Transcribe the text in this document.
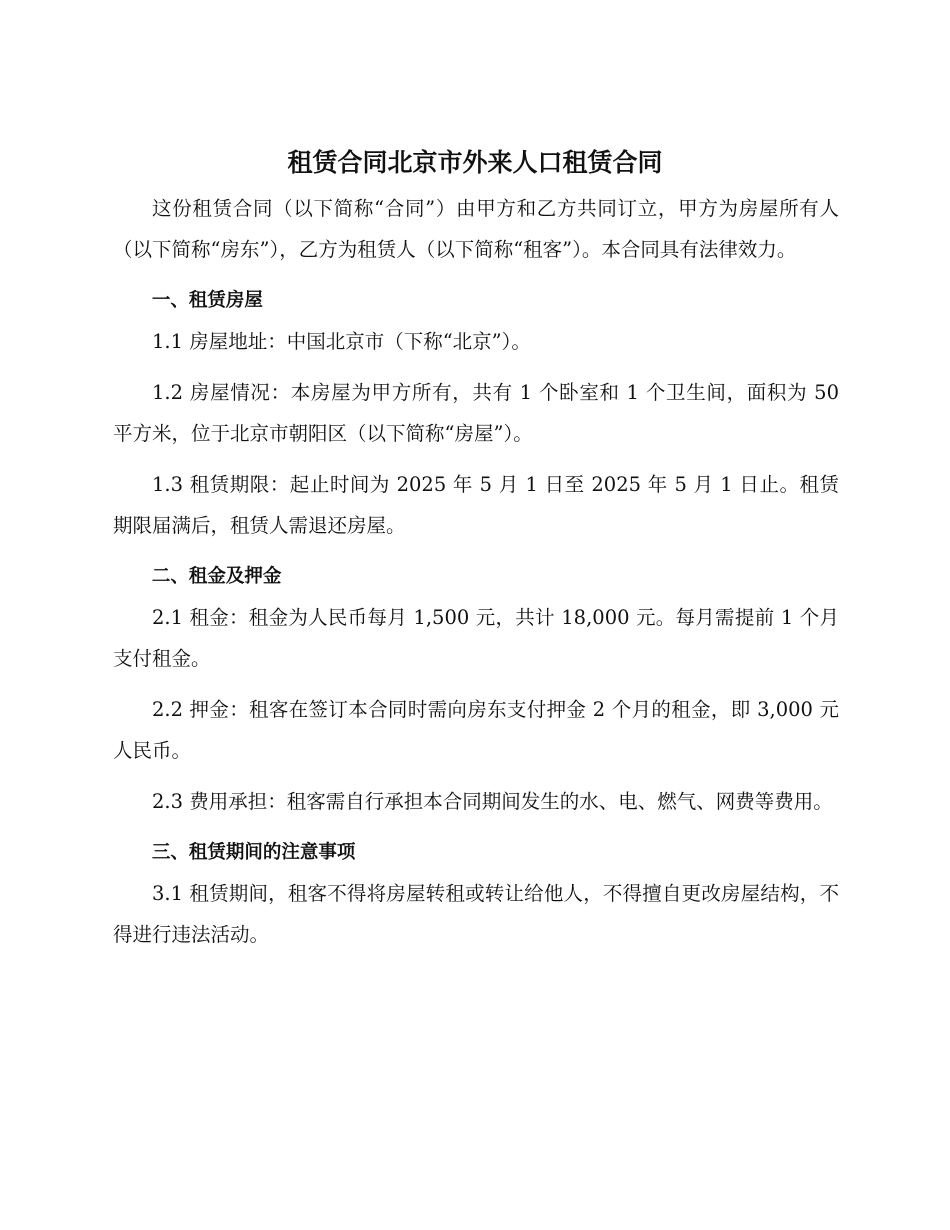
租赁合同北京市外来人口租赁合同

这份租赁合同（以下简称“合同”）由甲方和乙方共同订立，甲方为房屋所有人（以下简称“房东”），乙方为租赁人（以下简称“租客”）。本合同具有法律效力。

一、租赁房屋

1.1 房屋地址：中国北京市（下称“北京”）。

1.2 房屋情况：本房屋为甲方所有，共有 1 个卧室和 1 个卫生间，面积为 50 平方米，位于北京市朝阳区（以下简称“房屋”）。

1.3 租赁期限：起止时间为 2025 年 5 月 1 日至 2025 年 5 月 1 日止。租赁期限届满后，租赁人需退还房屋。

二、租金及押金

2.1 租金：租金为人民币每月 1,500 元，共计 18,000 元。每月需提前 1 个月支付租金。

2.2 押金：租客在签订本合同时需向房东支付押金 2 个月的租金，即 3,000 元人民币。

2.3 费用承担：租客需自行承担本合同期间发生的水、电、燃气、网费等费用。

三、租赁期间的注意事项

3.1 租赁期间，租客不得将房屋转租或转让给他人，不得擅自更改房屋结构，不得进行违法活动。
